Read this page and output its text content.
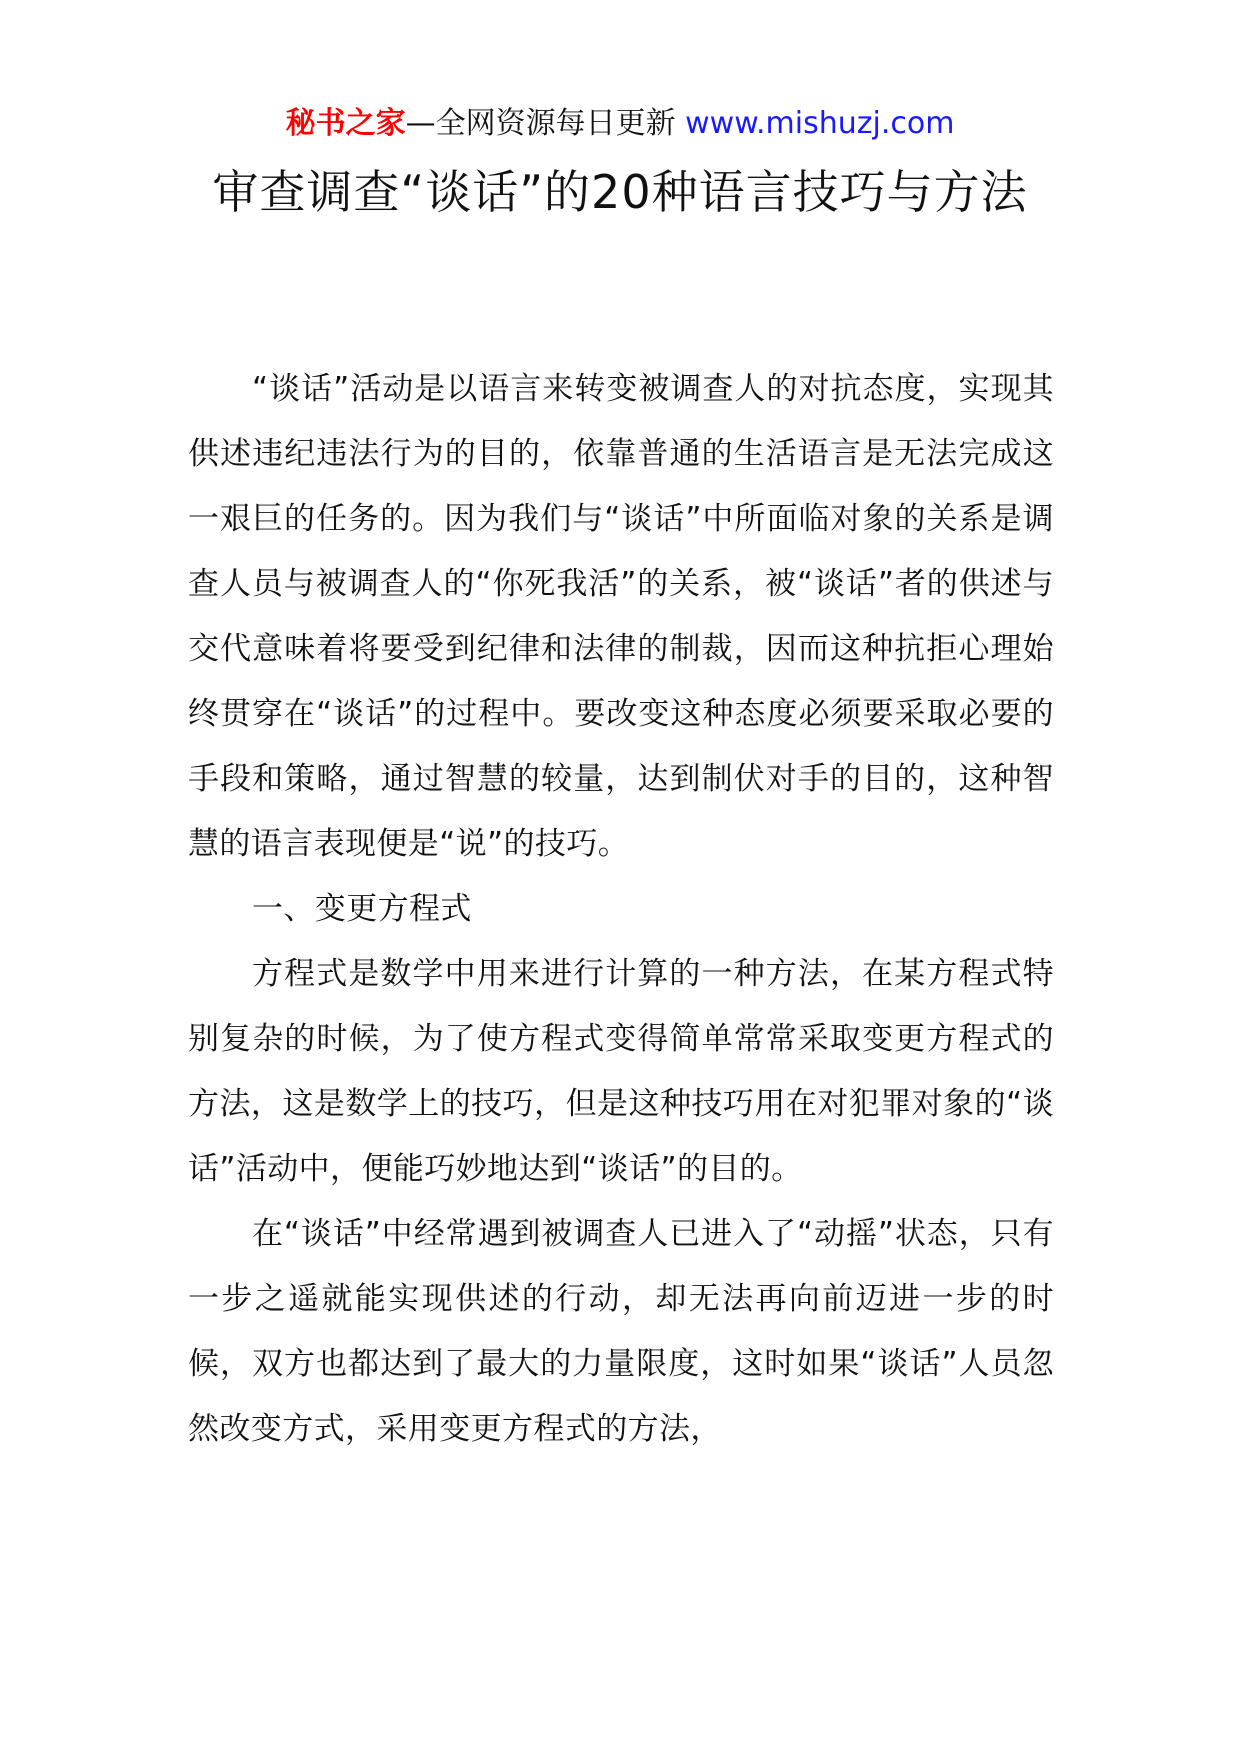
秘书之家—全网资源每日更新 www.mishuzj.com
审查调查“谈话”的20种语言技巧与方法

“谈话”活动是以语言来转变被调查人的对抗态度，实现其供述违纪违法行为的目的，依靠普通的生活语言是无法完成这一艰巨的任务的。因为我们与“谈话”中所面临对象的关系是调查人员与被调查人的“你死我活”的关系，被“谈话”者的供述与交代意味着将要受到纪律和法律的制裁，因而这种抗拒心理始终贯穿在“谈话”的过程中。要改变这种态度必须要采取必要的手段和策略，通过智慧的较量，达到制伏对手的目的，这种智慧的语言表现便是“说”的技巧。

一、变更方程式

方程式是数学中用来进行计算的一种方法，在某方程式特别复杂的时候，为了使方程式变得简单常常采取变更方程式的方法，这是数学上的技巧，但是这种技巧用在对犯罪对象的“谈话”活动中，便能巧妙地达到“谈话”的目的。

在“谈话”中经常遇到被调查人已进入了“动摇”状态，只有一步之遥就能实现供述的行动，却无法再向前迈进一步的时候，双方也都达到了最大的力量限度，这时如果“谈话”人员忽然改变方式，采用变更方程式的方法，
